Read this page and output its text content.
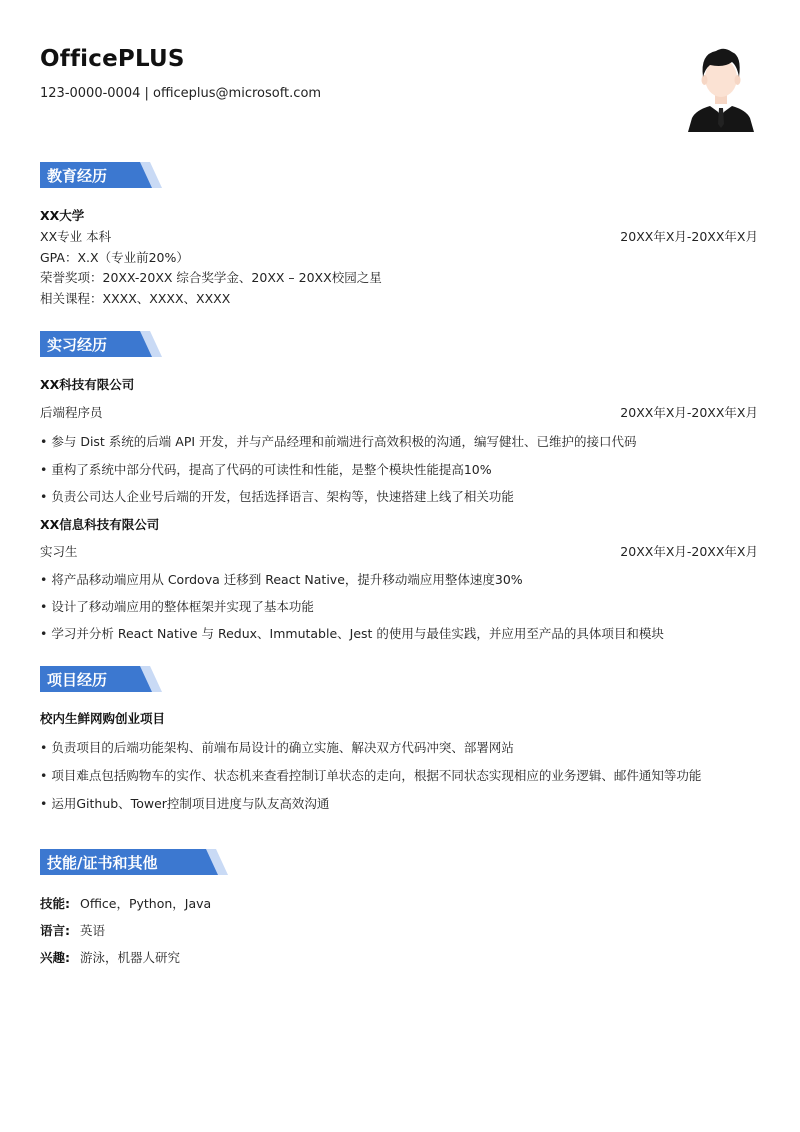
OfficePLUS
123-0000-0004 | officeplus@microsoft.com
教育经历
XX大学
XX专业 本科	20XX年X月-20XX年X月
GPA：X.X（专业前20%）
荣誉奖项：20XX-20XX 综合奖学金、20XX – 20XX校园之星
相关课程：XXXX、XXXX、XXXX
实习经历
XX科技有限公司
后端程序员	20XX年X月-20XX年X月
• 参与 Dist 系统的后端 API 开发，并与产品经理和前端进行高效积极的沟通，编写健壮、已维护的接口代码
• 重构了系统中部分代码，提高了代码的可读性和性能，是整个模块性能提高10%
• 负责公司达人企业号后端的开发，包括选择语言、架构等，快速搭建上线了相关功能
XX信息科技有限公司
实习生	20XX年X月-20XX年X月
• 将产品移动端应用从 Cordova 迁移到 React Native，提升移动端应用整体速度30%
• 设计了移动端应用的整体框架并实现了基本功能
• 学习并分析 React Native 与 Redux、Immutable、Jest 的使用与最佳实践，并应用至产品的具体项目和模块
项目经历
校内生鲜网购创业项目
• 负责项目的后端功能架构、前端布局设计的确立实施、解决双方代码冲突、部署网站
• 项目难点包括购物车的实作、状态机来查看控制订单状态的走向，根据不同状态实现相应的业务逻辑、邮件通知等功能
• 运用Github、Tower控制项目进度与队友高效沟通
技能/证书和其他
技能: Office，Python，Java
语言: 英语
兴趣: 游泳，机器人研究
